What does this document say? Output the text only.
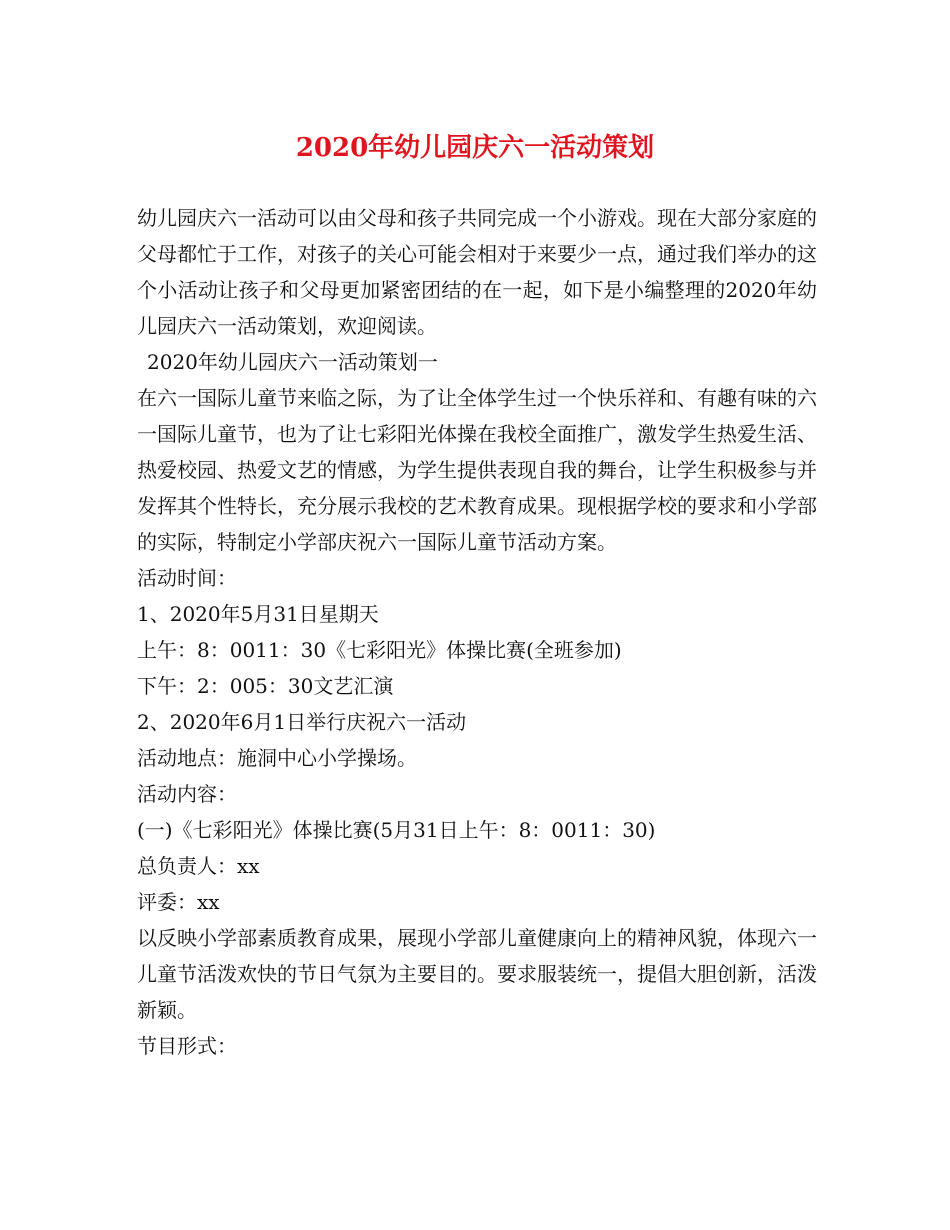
2020年幼儿园庆六一活动策划

幼儿园庆六一活动可以由父母和孩子共同完成一个小游戏。现在大部分家庭的父母都忙于工作，对孩子的关心可能会相对于来要少一点，通过我们举办的这个小活动让孩子和父母更加紧密团结的在一起，如下是小编整理的2020年幼儿园庆六一活动策划，欢迎阅读。

2020年幼儿园庆六一活动策划一

在六一国际儿童节来临之际，为了让全体学生过一个快乐祥和、有趣有味的六一国际儿童节，也为了让七彩阳光体操在我校全面推广，激发学生热爱生活、热爱校园、热爱文艺的情感，为学生提供表现自我的舞台，让学生积极参与并发挥其个性特长，充分展示我校的艺术教育成果。现根据学校的要求和小学部的实际，特制定小学部庆祝六一国际儿童节活动方案。

活动时间：

1、2020年5月31日星期天

上午：8：0011：30《七彩阳光》体操比赛(全班参加)

下午：2：005：30文艺汇演

2、2020年6月1日举行庆祝六一活动

活动地点：施洞中心小学操场。

活动内容：

(一)《七彩阳光》体操比赛(5月31日上午：8：0011：30)

总负责人：xx

评委：xx

以反映小学部素质教育成果，展现小学部儿童健康向上的精神风貌，体现六一儿童节活泼欢快的节日气氛为主要目的。要求服装统一，提倡大胆创新，活泼新颖。

节目形式：
